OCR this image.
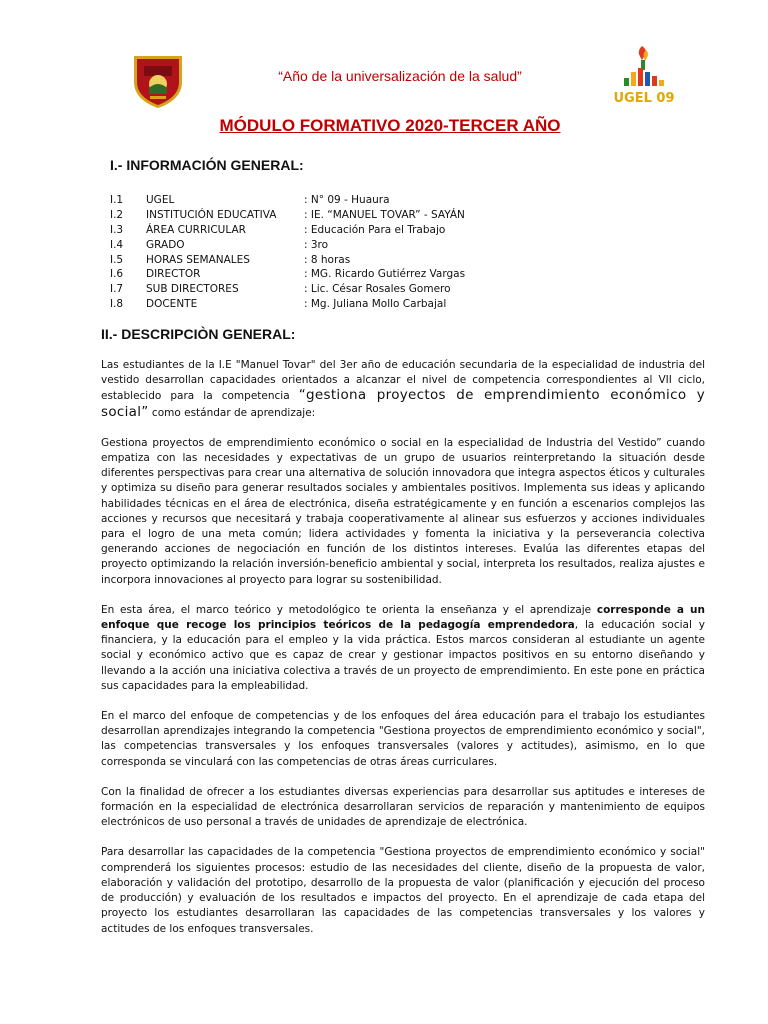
“Año de la universalización de la salud”
UGEL 09
MÓDULO FORMATIVO 2020-TERCER AÑO
I.- INFORMACIÓN GENERAL:
I.1	UGEL	: N° 09 - Huaura
I.2	INSTITUCIÓN EDUCATIVA	: IE. “MANUEL TOVAR” - SAYÁN
I.3	ÁREA CURRICULAR	: Educación Para el Trabajo
I.4	GRADO	: 3ro
I.5	HORAS SEMANALES	: 8 horas
I.6	DIRECTOR	: MG. Ricardo Gutiérrez Vargas
I.7	SUB DIRECTORES	: Lic. César Rosales Gomero
I.8	DOCENTE	: Mg. Juliana Mollo Carbajal
II.- DESCRIPCIÒN GENERAL:

Las estudiantes de la I.E "Manuel Tovar" del 3er año de educación secundaria de la especialidad de industria del vestido desarrollan capacidades orientados a alcanzar el nivel de competencia correspondientes al VII ciclo, establecido para la competencia “gestiona proyectos de emprendimiento económico y social” como estándar de aprendizaje:

Gestiona proyectos de emprendimiento económico o social en la especialidad de Industria del Vestido” cuando empatiza con las necesidades y expectativas de un grupo de usuarios reinterpretando la situación desde diferentes perspectivas para crear una alternativa de solución innovadora que integra aspectos éticos y culturales y optimiza su diseño para generar resultados sociales y ambientales positivos. Implementa sus ideas y aplicando habilidades técnicas en el área de electrónica, diseña estratégicamente y en función a escenarios complejos las acciones y recursos que necesitará y trabaja cooperativamente al alinear sus esfuerzos y acciones individuales para el logro de una meta común; lidera actividades y fomenta la iniciativa y la perseverancia colectiva generando acciones de negociación en función de los distintos intereses. Evalúa las diferentes etapas del proyecto optimizando la relación inversión-beneficio ambiental y social, interpreta los resultados, realiza ajustes e incorpora innovaciones al proyecto para lograr su sostenibilidad.

En esta área, el marco teórico y metodológico te orienta la enseñanza y el aprendizaje corresponde a un enfoque que recoge los principios teóricos de la pedagogía emprendedora, la educación social y financiera, y la educación para el empleo y la vida práctica. Estos marcos consideran al estudiante un agente social y económico activo que es capaz de crear y gestionar impactos positivos en su entorno diseñando y llevando a la acción una iniciativa colectiva a través de un proyecto de emprendimiento. En este pone en práctica sus capacidades para la empleabilidad.

En el marco del enfoque de competencias y de los enfoques del área educación para el trabajo los estudiantes desarrollan aprendizajes integrando la competencia "Gestiona proyectos de emprendimiento económico y social", las competencias transversales y los enfoques transversales (valores y actitudes), asimismo, en lo que corresponda se vinculará con las competencias de otras áreas curriculares.

Con la finalidad de ofrecer a los estudiantes diversas experiencias para desarrollar sus aptitudes e intereses de formación en la especialidad de electrónica desarrollaran servicios de reparación y mantenimiento de equipos electrónicos de uso personal a través de unidades de aprendizaje de electrónica.

Para desarrollar las capacidades de la competencia "Gestiona proyectos de emprendimiento económico y social" comprenderá los siguientes procesos: estudio de las necesidades del cliente, diseño de la propuesta de valor, elaboración y validación del prototipo, desarrollo de la propuesta de valor (planificación y ejecución del proceso de producción) y evaluación de los resultados e impactos del proyecto. En el aprendizaje de cada etapa del proyecto los estudiantes desarrollaran las capacidades de las competencias transversales y los valores y actitudes de los enfoques transversales.
